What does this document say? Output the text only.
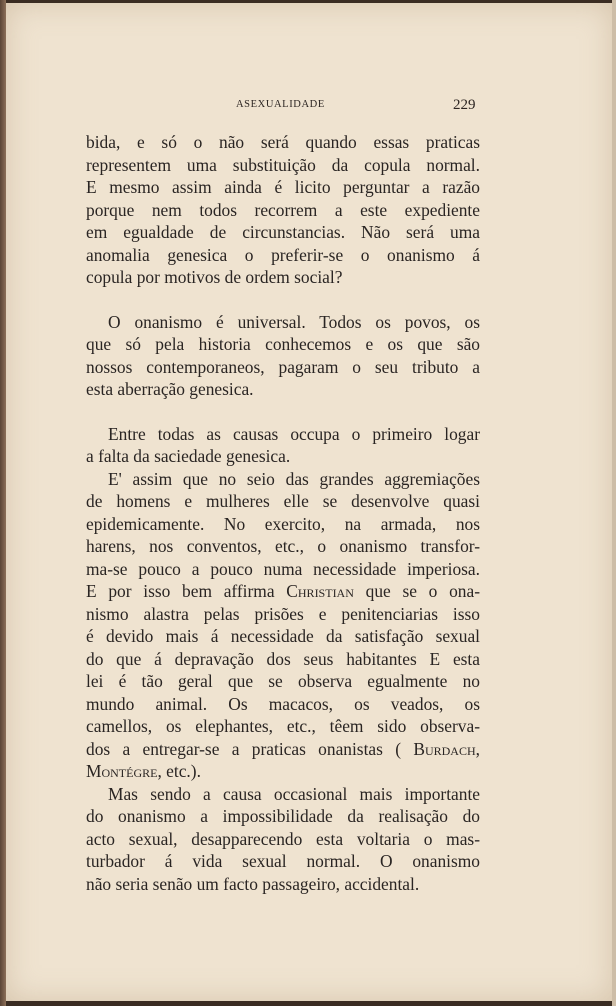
ASEXUALIDADE	229
bida, e só o não será quando essas praticas
representem uma substituição da copula normal.
E mesmo assim ainda é licito perguntar a razão
porque nem todos recorrem a este expediente
em egualdade de circunstancias. Não será uma
anomalia genesica o preferir-se o onanismo á
copula por motivos de ordem social?
O onanismo é universal. Todos os povos, os
que só pela historia conhecemos e os que são
nossos contemporaneos, pagaram o seu tributo a
esta aberração genesica.
Entre todas as causas occupa o primeiro logar
a falta da saciedade genesica.
E' assim que no seio das grandes aggremiações
de homens e mulheres elle se desenvolve quasi
epidemicamente. No exercito, na armada, nos
harens, nos conventos, etc., o onanismo transfor-
ma-se pouco a pouco numa necessidade imperiosa.
E por isso bem affirma Christian que se o ona-
nismo alastra pelas prisões e penitenciarias isso
é devido mais á necessidade da satisfação sexual
do que á depravação dos seus habitantes E esta
lei é tão geral que se observa egualmente no
mundo animal. Os macacos, os veados, os
camellos, os elephantes, etc., têem sido observa-
dos a entregar-se a praticas onanistas ( Burdach,
Montégre, etc.).
Mas sendo a causa occasional mais importante
do onanismo a impossibilidade da realisação do
acto sexual, desapparecendo esta voltaria o mas-
turbador á vida sexual normal. O onanismo
não seria senão um facto passageiro, accidental.
